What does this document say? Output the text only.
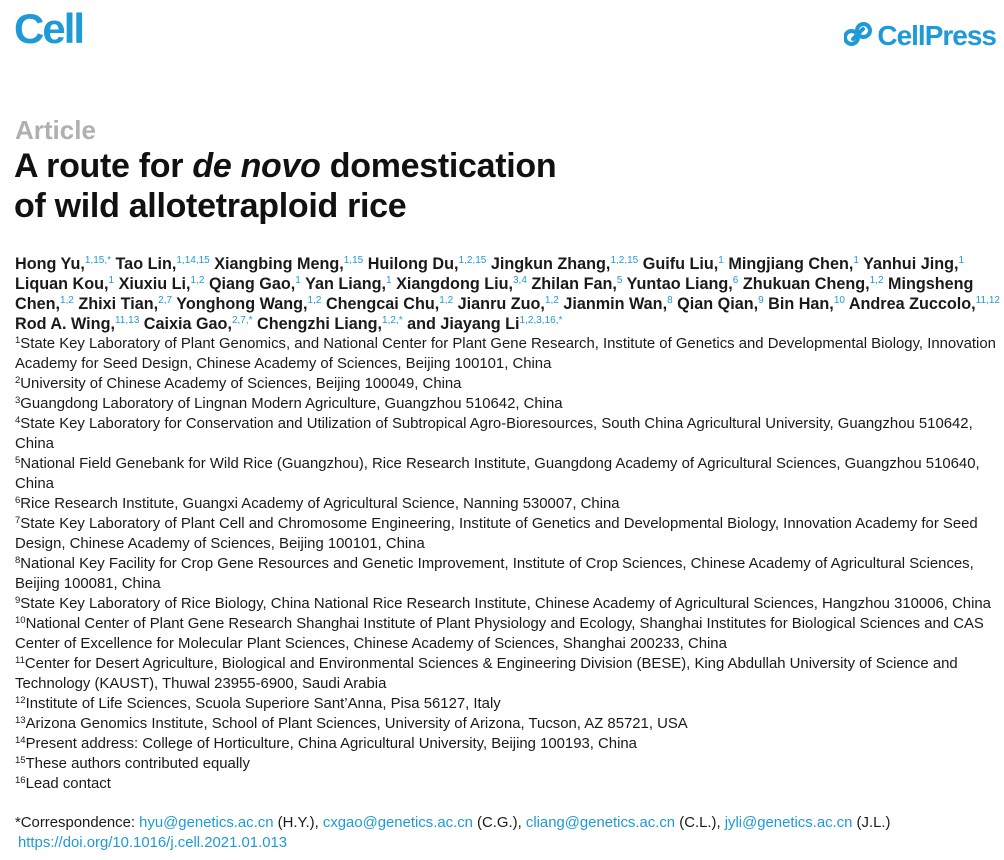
Cell	CellPress
Article
A route for de novo domestication
of wild allotetraploid rice
Hong Yu,$^{1,15,*}$ Tao Lin,$^{1,14,15}$ Xiangbing Meng,$^{1,15}$ Huilong Du,$^{1,2,15}$ Jingkun Zhang,$^{1,2,15}$ Guifu Liu,$^1$ Mingjiang Chen,$^1$ Yanhui Jing,$^1$ Liquan Kou,$^1$ Xiuxiu Li,$^{1,2}$ Qiang Gao,$^1$ Yan Liang,$^1$ Xiangdong Liu,$^{3,4}$ Zhilan Fan,$^5$ Yuntao Liang,$^6$ Zhukuan Cheng,$^{1,2}$ Mingsheng Chen,$^{1,2}$ Zhixi Tian,$^{2,7}$ Yonghong Wang,$^{1,2}$ Chengcai Chu,$^{1,2}$ Jianru Zuo,$^{1,2}$ Jianmin Wan,$^8$ Qian Qian,$^9$ Bin Han,$^{10}$ Andrea Zuccolo,$^{11,12}$ Rod A. Wing,$^{11,13}$ Caixia Gao,$^{2,7,*}$ Chengzhi Liang,$^{1,2,*}$ and Jiayang $Li^{1,2,3,16,*}$
$^1$State Key Laboratory of Plant Genomics, and National Center for Plant Gene Research, Institute of Genetics and Developmental Biology, Innovation Academy for Seed Design, Chinese Academy of Sciences, Beijing 100101, China
$^2$University of Chinese Academy of Sciences, Beijing 100049, China
$^3$Guangdong Laboratory of Lingnan Modern Agriculture, Guangzhou 510642, China
$^4$State Key Laboratory for Conservation and Utilization of Subtropical Agro-Bioresources, South China Agricultural University, Guangzhou 510642, China
$^5$National Field Genebank for Wild Rice (Guangzhou), Rice Research Institute, Guangdong Academy of Agricultural Sciences, Guangzhou 510640, China
$^6$Rice Research Institute, Guangxi Academy of Agricultural Science, Nanning 530007, China
$^7$State Key Laboratory of Plant Cell and Chromosome Engineering, Institute of Genetics and Developmental Biology, Innovation Academy for Seed Design, Chinese Academy of Sciences, Beijing 100101, China
$^8$National Key Facility for Crop Gene Resources and Genetic Improvement, Institute of Crop Sciences, Chinese Academy of Agricultural Sciences, Beijing 100081, China
$^9$State Key Laboratory of Rice Biology, China National Rice Research Institute, Chinese Academy of Agricultural Sciences, Hangzhou 310006, China
$^{10}$National Center of Plant Gene Research Shanghai Institute of Plant Physiology and Ecology, Shanghai Institutes for Biological Sciences and CAS Center of Excellence for Molecular Plant Sciences, Chinese Academy of Sciences, Shanghai 200233, China
$^{11}$Center for Desert Agriculture, Biological and Environmental Sciences & Engineering Division (BESE), King Abdullah University of Science and Technology (KAUST), Thuwal 23955-6900, Saudi Arabia
$^{12}$Institute of Life Sciences, Scuola Superiore Sant’Anna, Pisa 56127, Italy
$^{13}$Arizona Genomics Institute, School of Plant Sciences, University of Arizona, Tucson, AZ 85721, USA
$^{14}$Present address: College of Horticulture, China Agricultural University, Beijing 100193, China
$^{15}$These authors contributed equally
$^{16}$Lead contact
*Correspondence: hyu@genetics.ac.cn (H.Y.), cxgao@genetics.ac.cn (C.G.), cliang@genetics.ac.cn (C.L.), jyli@genetics.ac.cn (J.L.)
https://doi.org/10.1016/j.cell.2021.01.013
